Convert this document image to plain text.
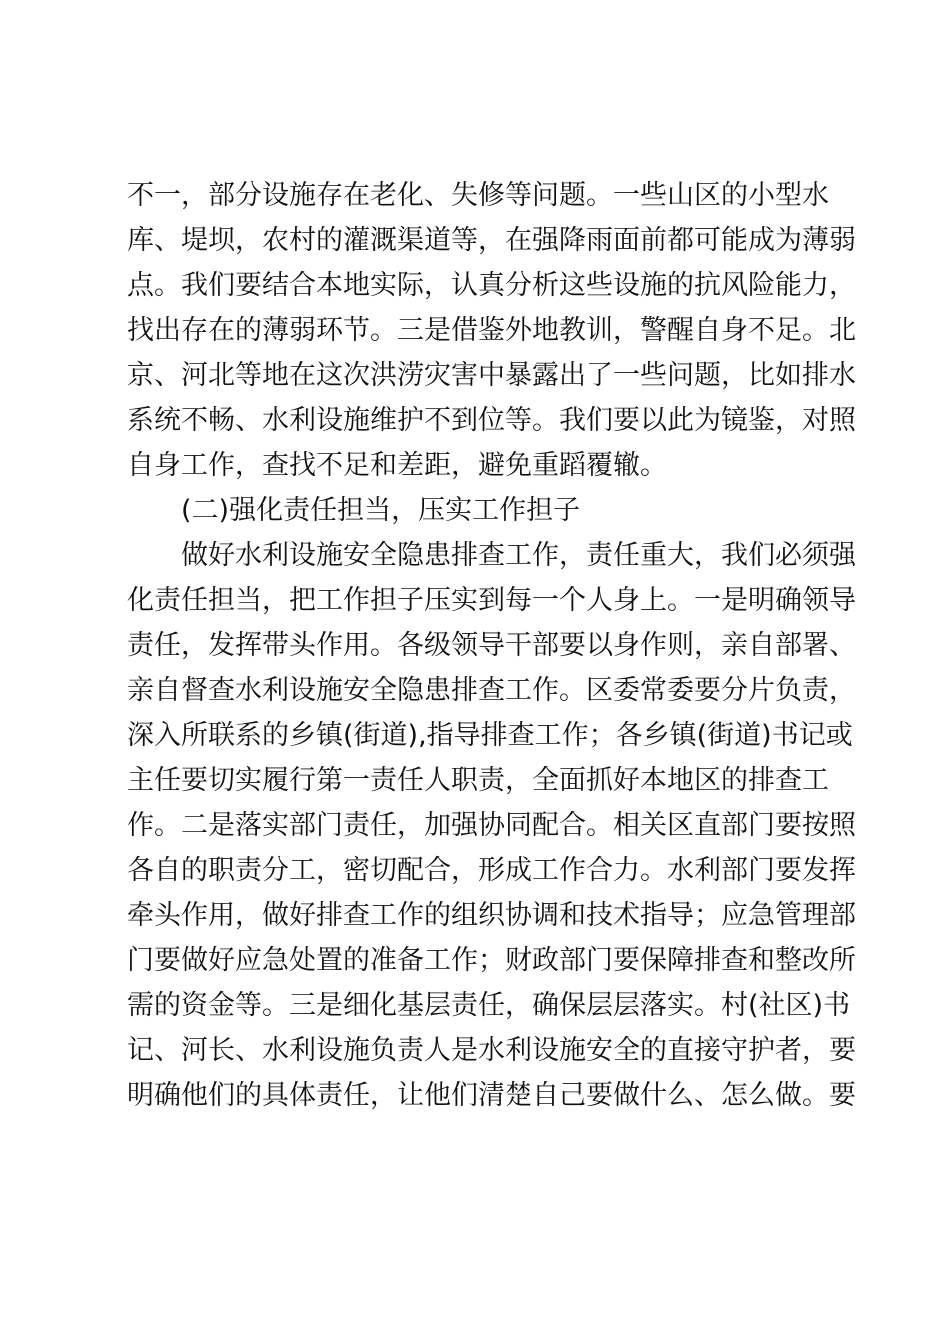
不一，部分设施存在老化、失修等问题。一些山区的小型水
库、堤坝，农村的灌溉渠道等，在强降雨面前都可能成为薄弱
点。我们要结合本地实际，认真分析这些设施的抗风险能力，
找出存在的薄弱环节。三是借鉴外地教训，警醒自身不足。北
京、河北等地在这次洪涝灾害中暴露出了一些问题，比如排水
系统不畅、水利设施维护不到位等。我们要以此为镜鉴，对照
自身工作，查找不足和差距，避免重蹈覆辙。
(二)强化责任担当，压实工作担子
做好水利设施安全隐患排查工作，责任重大，我们必须强
化责任担当，把工作担子压实到每一个人身上。一是明确领导
责任，发挥带头作用。各级领导干部要以身作则，亲自部署、
亲自督查水利设施安全隐患排查工作。区委常委要分片负责，
深入所联系的乡镇(街道),指导排查工作；各乡镇(街道)书记或
主任要切实履行第一责任人职责，全面抓好本地区的排查工
作。二是落实部门责任，加强协同配合。相关区直部门要按照
各自的职责分工，密切配合，形成工作合力。水利部门要发挥
牵头作用，做好排查工作的组织协调和技术指导；应急管理部
门要做好应急处置的准备工作；财政部门要保障排查和整改所
需的资金等。三是细化基层责任，确保层层落实。村(社区)书
记、河长、水利设施负责人是水利设施安全的直接守护者，要
明确他们的具体责任，让他们清楚自己要做什么、怎么做。要
